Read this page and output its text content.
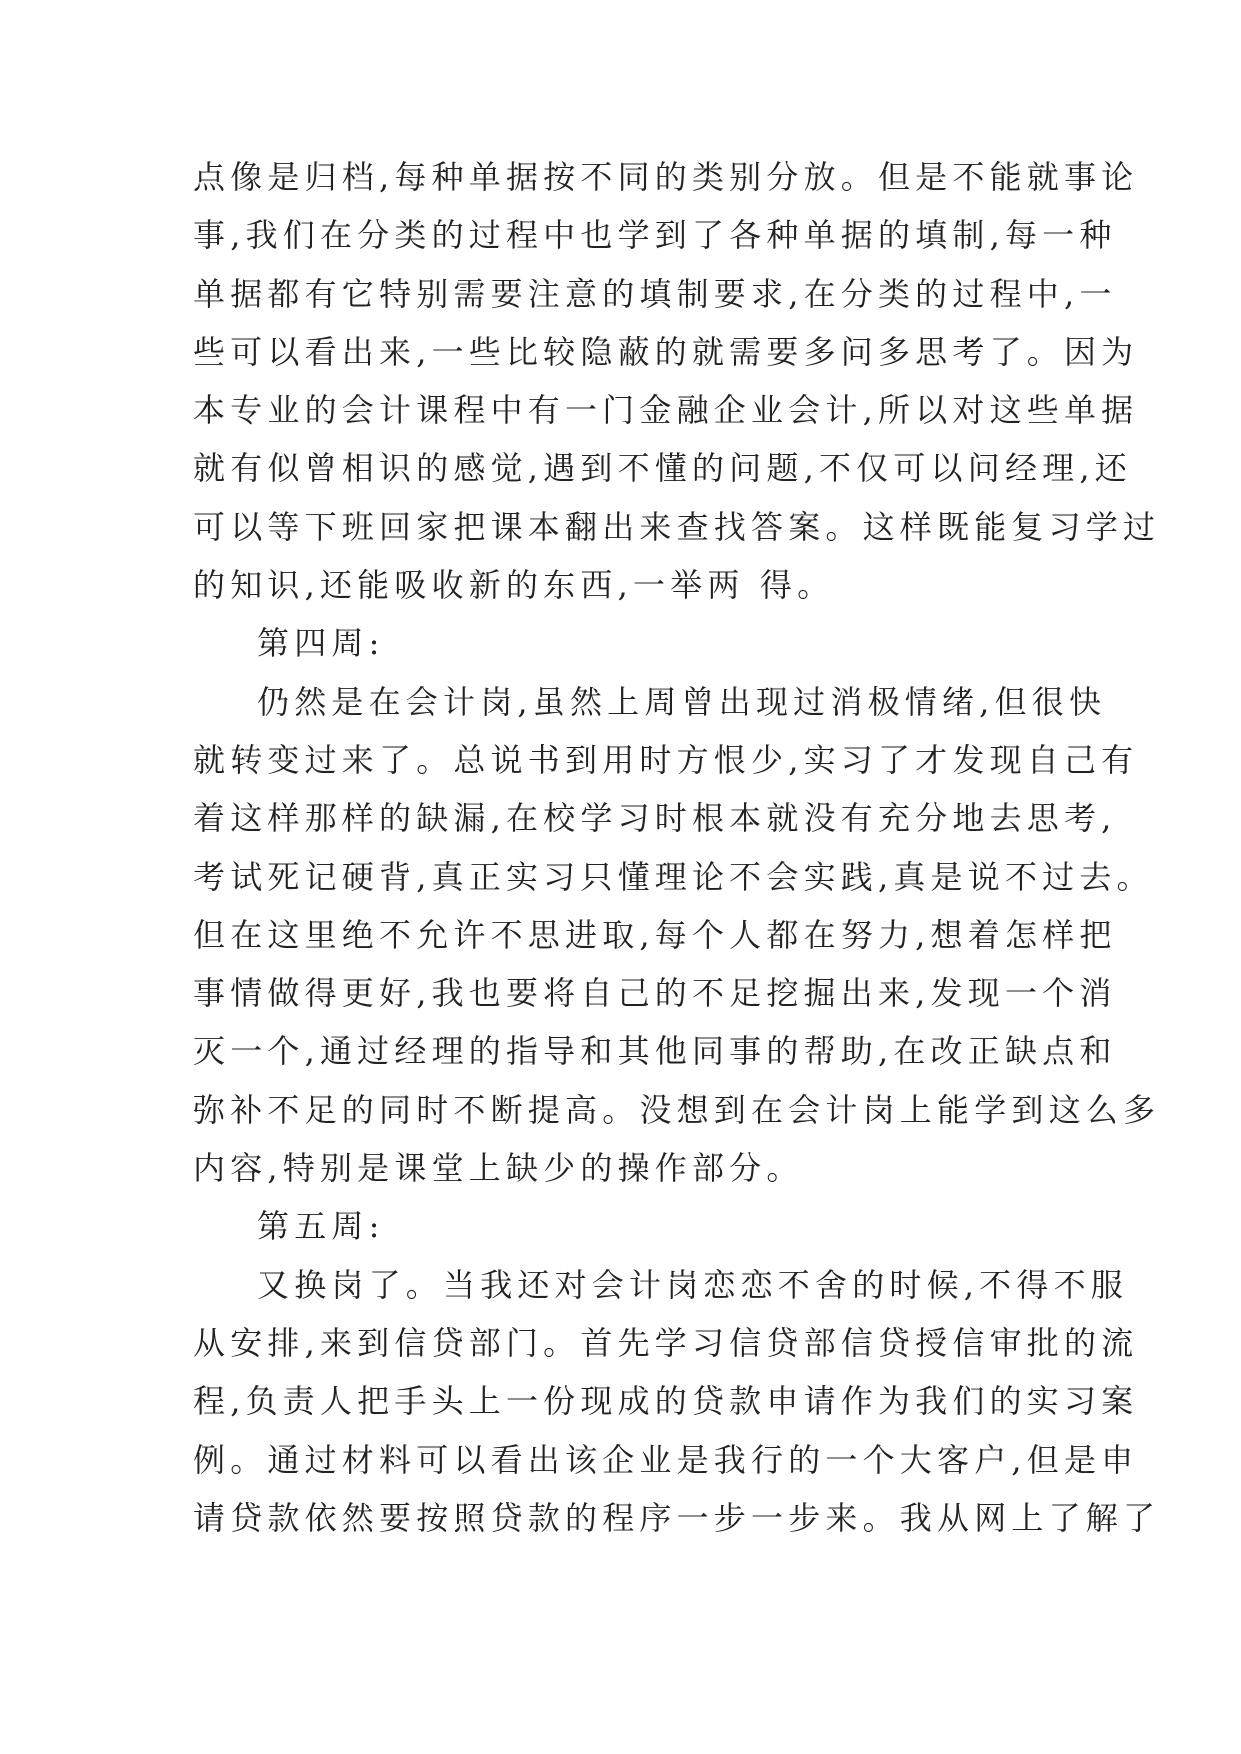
点像是归档,每种单据按不同的类别分放。但是不能就事论
事,我们在分类的过程中也学到了各种单据的填制,每一种
单据都有它特别需要注意的填制要求,在分类的过程中,一
些可以看出来,一些比较隐蔽的就需要多问多思考了。因为
本专业的会计课程中有一门金融企业会计,所以对这些单据
就有似曾相识的感觉,遇到不懂的问题,不仅可以问经理,还
可以等下班回家把课本翻出来查找答案。这样既能复习学过
的知识,还能吸收新的东西,一举两 得。
第四周:
仍然是在会计岗,虽然上周曾出现过消极情绪,但很快
就转变过来了。总说书到用时方恨少,实习了才发现自己有
着这样那样的缺漏,在校学习时根本就没有充分地去思考,
考试死记硬背,真正实习只懂理论不会实践,真是说不过去。
但在这里绝不允许不思进取,每个人都在努力,想着怎样把
事情做得更好,我也要将自己的不足挖掘出来,发现一个消
灭一个,通过经理的指导和其他同事的帮助,在改正缺点和
弥补不足的同时不断提高。没想到在会计岗上能学到这么多
内容,特别是课堂上缺少的操作部分。
第五周:
又换岗了。当我还对会计岗恋恋不舍的时候,不得不服
从安排,来到信贷部门。首先学习信贷部信贷授信审批的流
程,负责人把手头上一份现成的贷款申请作为我们的实习案
例。通过材料可以看出该企业是我行的一个大客户,但是申
请贷款依然要按照贷款的程序一步一步来。我从网上了解了
